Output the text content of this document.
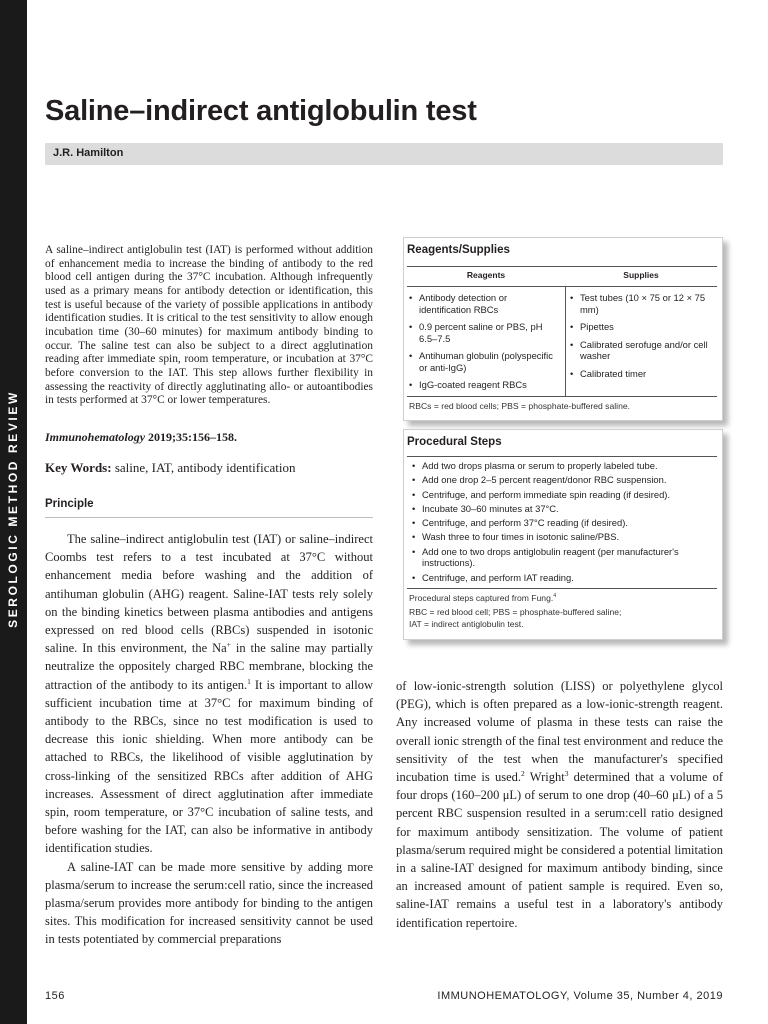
SEROLOGIC METHOD REVIEW
Saline–indirect antiglobulin test
J.R. Hamilton

A saline–indirect antiglobulin test (IAT) is performed without addition of enhancement media to increase the binding of antibody to the red blood cell antigen during the 37°C incubation. Although infrequently used as a primary means for antibody detection or identification, this test is useful because of the variety of possible applications in antibody identification studies. It is critical to the test sensitivity to allow enough incubation time (30–60 minutes) for maximum antibody binding to occur. The saline test can also be subject to a direct agglutination reading after immediate spin, room temperature, or incubation at 37°C before conversion to the IAT. This step allows further flexibility in assessing the reactivity of directly agglutinating allo- or autoantibodies in tests performed at 37°C or lower temperatures.

Immunohematology 2019;35:156–158.

Key Words: saline, IAT, antibody identification

Principle

The saline–indirect antiglobulin test (IAT) or saline–indirect Coombs test refers to a test incubated at 37°C without enhancement media before washing and the addition of antihuman globulin (AHG) reagent. Saline-IAT tests rely solely on the binding kinetics between plasma antibodies and antigens expressed on red blood cells (RBCs) suspended in isotonic saline. In this environment, the Na+ in the saline may partially neutralize the oppositely charged RBC membrane, blocking the attraction of the antibody to its antigen.$^1$ It is important to allow sufficient incubation time at 37°C for maximum binding of antibody to the RBCs, since no test modification is used to decrease this ionic shielding. When more antibody can be attached to RBCs, the likelihood of visible agglutination by cross-linking of the sensitized RBCs after addition of AHG increases. Assessment of direct agglutination after immediate spin, room temperature, or 37°C incubation of saline tests, and before washing for the IAT, can also be informative in antibody identification studies.

A saline-IAT can be made more sensitive by adding more plasma/serum to increase the serum:cell ratio, since the increased plasma/serum provides more antibody for binding to the antigen sites. This modification for increased sensitivity cannot be used in tests potentiated by commercial preparations

of low-ionic-strength solution (LISS) or polyethylene glycol (PEG), which is often prepared as a low-ionic-strength reagent. Any increased volume of plasma in these tests can raise the overall ionic strength of the final test environment and reduce the sensitivity of the test when the manufacturer's specified incubation time is used.$^2$ Wright$^3$ determined that a volume of four drops (160–200 μL) of serum to one drop (40–60 μL) of a 5 percent RBC suspension resulted in a serum:cell ratio designed for maximum antibody sensitization. The volume of patient plasma/serum required might be considered a potential limitation in a saline-IAT designed for maximum antibody binding, since an increased amount of patient sample is required. Even so, saline-IAT remains a useful test in a laboratory's antibody identification repertoire.

Reagents/Supplies
Reagents	Supplies
• Antibody detection or identification RBCs
• 0.9 percent saline or PBS, pH 6.5–7.5
• Antihuman globulin (polyspecific or anti-IgG)
• IgG-coated reagent RBCs
• Test tubes (10 × 75 or 12 × 75 mm)
• Pipettes
• Calibrated serofuge and/or cell washer
• Calibrated timer

RBCs = red blood cells; PBS = phosphate-buffered saline.

Procedural Steps
• Add two drops plasma or serum to properly labeled tube.
• Add one drop 2–5 percent reagent/donor RBC suspension.
• Centrifuge, and perform immediate spin reading (if desired).
• Incubate 30–60 minutes at 37°C.
• Centrifuge, and perform 37°C reading (if desired).
• Wash three to four times in isotonic saline/PBS.
• Add one to two drops antiglobulin reagent (per manufacturer's instructions).
• Centrifuge, and perform IAT reading.

Procedural steps captured from Fung.$^4$

RBC = red blood cell; PBS = phosphate-buffered saline;

IAT = indirect antiglobulin test.

156	IMMUNOHEMATOLOGY, Volume 35, Number 4, 2019
